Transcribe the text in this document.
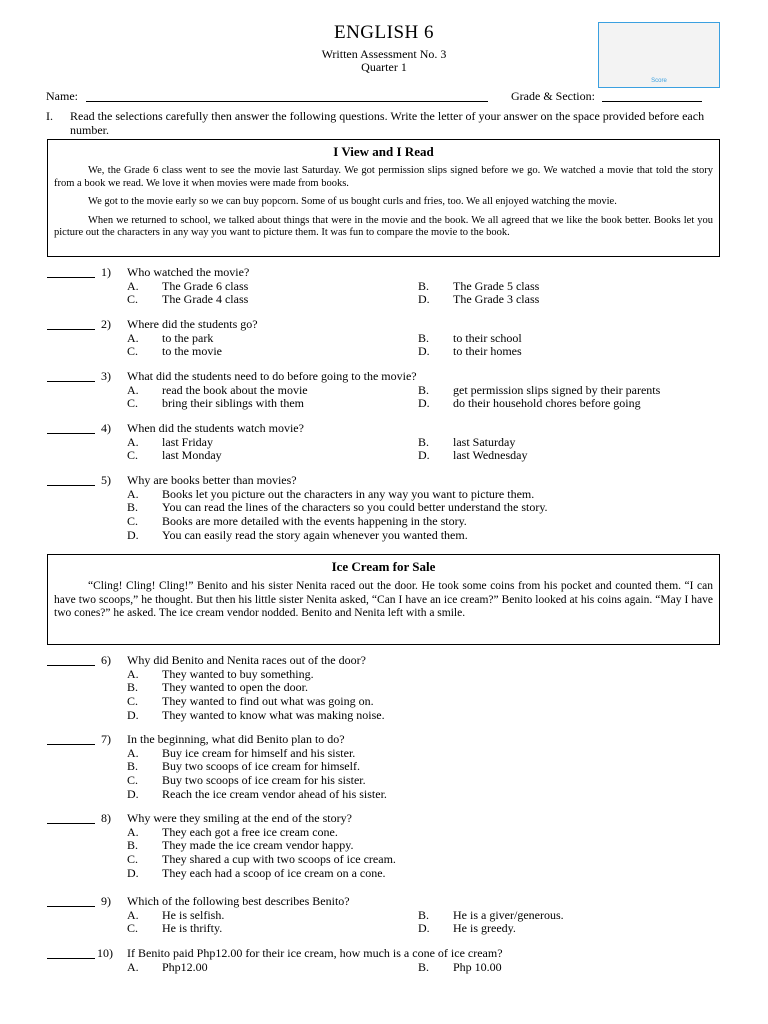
ENGLISH 6
Written Assessment No. 3
Quarter 1
Score
Name:	Grade & Section:
I.	Read the selections carefully then answer the following questions. Write the letter of your answer on the space provided before each number.
I View and I Read

We, the Grade 6 class went to see the movie last Saturday. We got permission slips signed before we go. We watched a movie that told the story from a book we read. We love it when movies were made from books.

We got to the movie early so we can buy popcorn. Some of us bought curls and fries, too. We all enjoyed watching the movie.

When we returned to school, we talked about things that were in the movie and the book. We all agreed that we like the book better. Books let you picture out the characters in any way you want to picture them. It was fun to compare the movie to the book.

Ice Cream for Sale

“Cling! Cling! Cling!” Benito and his sister Nenita raced out the door. He took some coins from his pocket and counted them. “I can have two scoops,” he thought. But then his little sister Nenita asked, “Can I have an ice cream?” Benito looked at his coins again. “May I have two cones?” he asked. The ice cream vendor nodded. Benito and Nenita left with a smile.

1) Who watched the movie?
A. The Grade 6 class	B. The Grade 5 class
C. The Grade 4 class	D. The Grade 3 class
2) Where did the students go?
A. to the park	B. to their school
C. to the movie	D. to their homes
3) What did the students need to do before going to the movie?
A. read the book about the movie	B. get permission slips signed by their parents
C. bring their siblings with them	D. do their household chores before going
4) When did the students watch movie?
A. last Friday	B. last Saturday
C. last Monday	D. last Wednesday
5) Why are books better than movies?
A. Books let you picture out the characters in any way you want to picture them.
B. You can read the lines of the characters so you could better understand the story.
C. Books are more detailed with the events happening in the story.
D. You can easily read the story again whenever you wanted them.
6) Why did Benito and Nenita races out of the door?
A. They wanted to buy something.
B. They wanted to open the door.
C. They wanted to find out what was going on.
D. They wanted to know what was making noise.
7) In the beginning, what did Benito plan to do?
A. Buy ice cream for himself and his sister.
B. Buy two scoops of ice cream for himself.
C. Buy two scoops of ice cream for his sister.
D. Reach the ice cream vendor ahead of his sister.
8) Why were they smiling at the end of the story?
A. They each got a free ice cream cone.
B. They made the ice cream vendor happy.
C. They shared a cup with two scoops of ice cream.
D. They each had a scoop of ice cream on a cone.
9) Which of the following best describes Benito?
A. He is selfish.	B. He is a giver/generous.
C. He is thrifty.	D. He is greedy.
10) If Benito paid Php12.00 for their ice cream, how much is a cone of ice cream?
A. Php12.00	B. Php 10.00
